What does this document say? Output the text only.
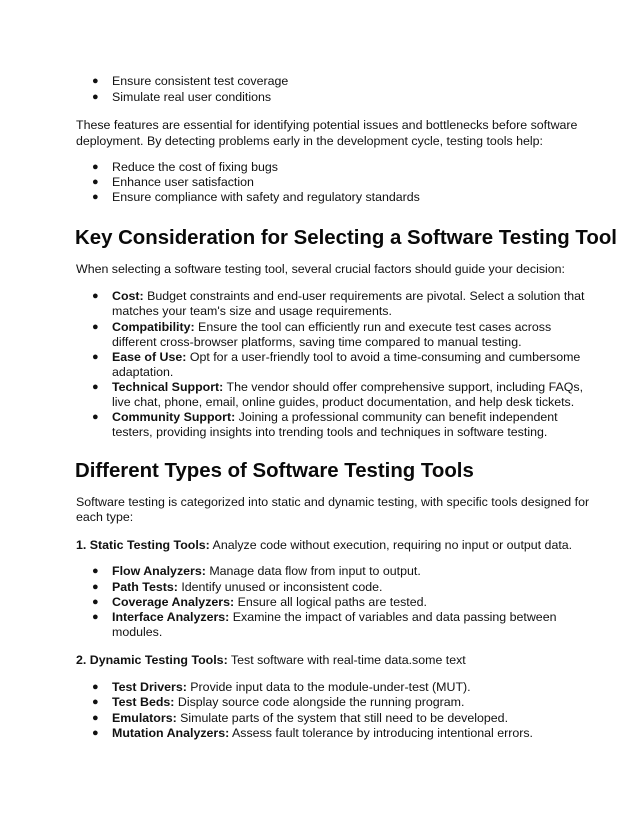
● Ensure consistent test coverage
● Simulate real user conditions
These features are essential for identifying potential issues and bottlenecks before software
deployment. By detecting problems early in the development cycle, testing tools help:
● Reduce the cost of fixing bugs
● Enhance user satisfaction
● Ensure compliance with safety and regulatory standards
Key Consideration for Selecting a Software Testing Tool
When selecting a software testing tool, several crucial factors should guide your decision:
● Cost: Budget constraints and end-user requirements are pivotal. Select a solution that
matches your team's size and usage requirements.
● Compatibility: Ensure the tool can efficiently run and execute test cases across
different cross-browser platforms, saving time compared to manual testing.
● Ease of Use: Opt for a user-friendly tool to avoid a time-consuming and cumbersome
adaptation.
● Technical Support: The vendor should offer comprehensive support, including FAQs,
live chat, phone, email, online guides, product documentation, and help desk tickets.
● Community Support: Joining a professional community can benefit independent
testers, providing insights into trending tools and techniques in software testing.
Different Types of Software Testing Tools
Software testing is categorized into static and dynamic testing, with specific tools designed for
each type:
1. Static Testing Tools: Analyze code without execution, requiring no input or output data.
● Flow Analyzers: Manage data flow from input to output.
● Path Tests: Identify unused or inconsistent code.
● Coverage Analyzers: Ensure all logical paths are tested.
● Interface Analyzers: Examine the impact of variables and data passing between
modules.
2. Dynamic Testing Tools: Test software with real-time data.some text
● Test Drivers: Provide input data to the module-under-test (MUT).
● Test Beds: Display source code alongside the running program.
● Emulators: Simulate parts of the system that still need to be developed.
● Mutation Analyzers: Assess fault tolerance by introducing intentional errors.
